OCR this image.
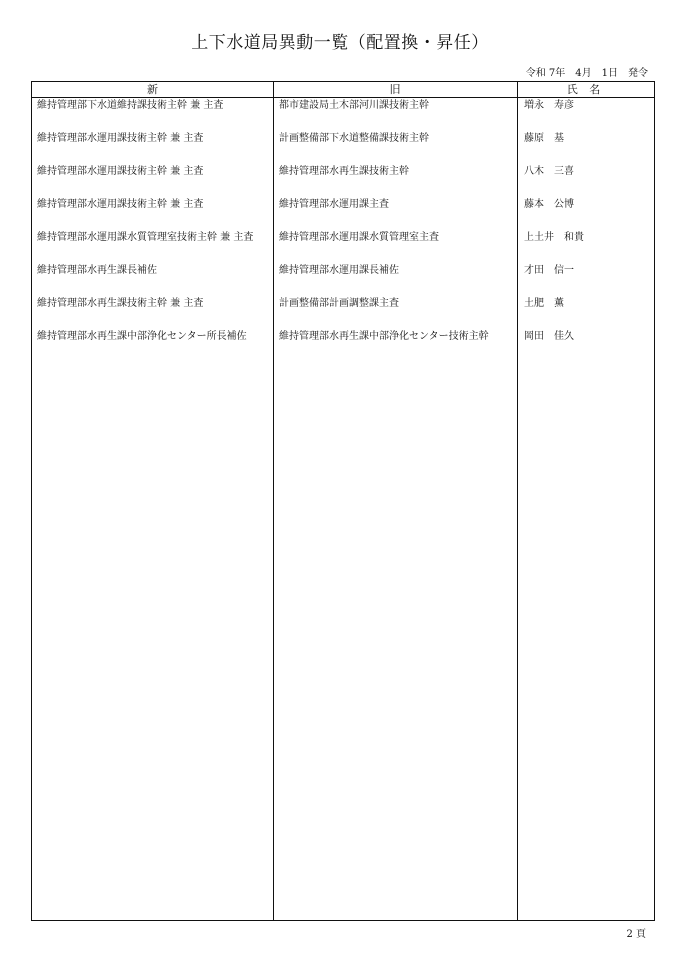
上下水道局異動一覧（配置換・昇任）
令和 7年　4月　1日　発令
新	旧	氏 名
維持管理部下水道維持課技術主幹 兼 主査	都市建設局土木部河川課技術主幹	増永　寿彦
維持管理部水運用課技術主幹 兼 主査	計画整備部下水道整備課技術主幹	藤原　基
維持管理部水運用課技術主幹 兼 主査	維持管理部水再生課技術主幹	八木　三喜
維持管理部水運用課技術主幹 兼 主査	維持管理部水運用課主査	藤本　公博
維持管理部水運用課水質管理室技術主幹 兼 主査	維持管理部水運用課水質管理室主査	上土井　和貴
維持管理部水再生課長補佐	維持管理部水運用課長補佐	才田　信一
維持管理部水再生課技術主幹 兼 主査	計画整備部計画調整課主査	土肥　薫
維持管理部水再生課中部浄化センター所長補佐	維持管理部水再生課中部浄化センター技術主幹	岡田　佳久
2 頁
